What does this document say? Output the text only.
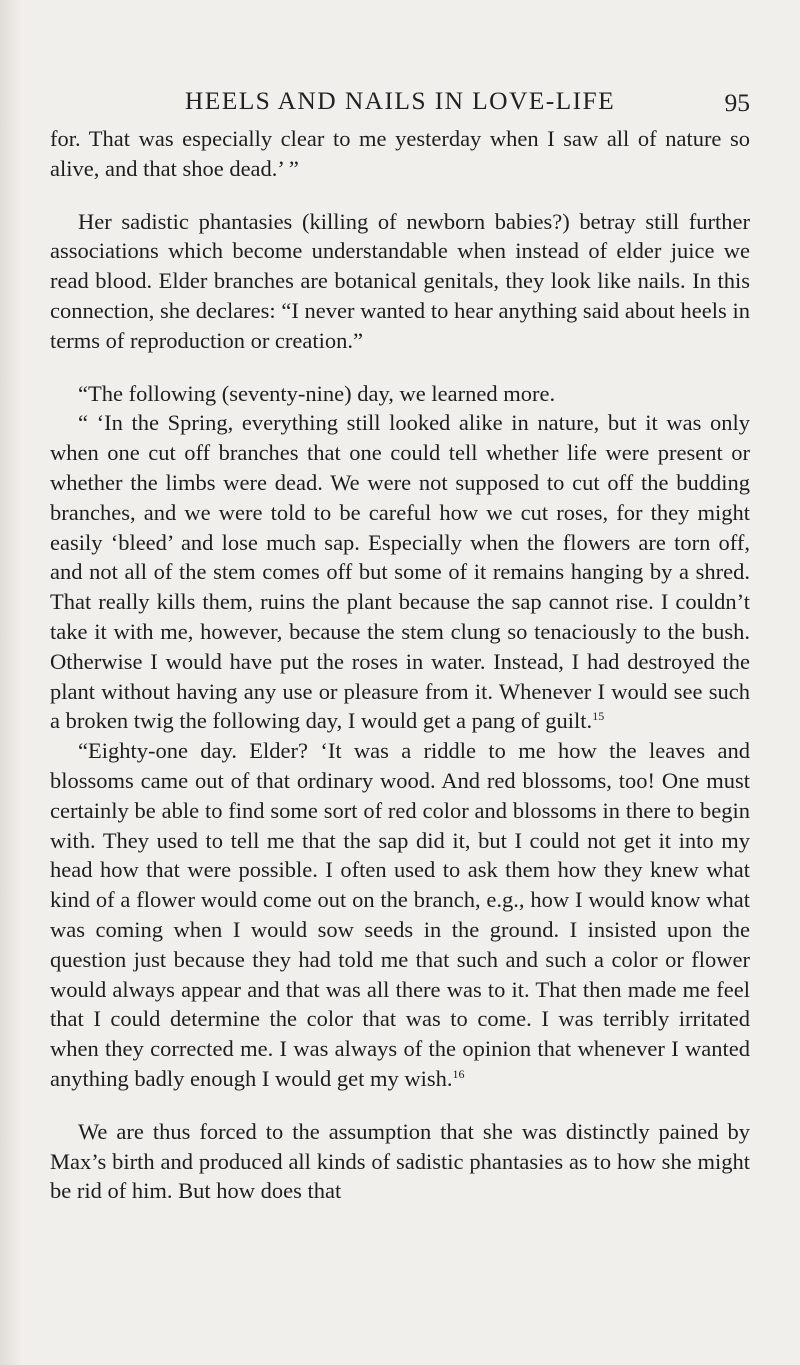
HEELS AND NAILS IN LOVE-LIFE	95

for. That was especially clear to me yesterday when I saw all of nature so alive, and that shoe dead.’ ”

Her sadistic phantasies (killing of newborn babies?) betray still further associations which become understandable when instead of elder juice we read blood. Elder branches are botanical genitals, they look like nails. In this connection, she declares: “I never wanted to hear anything said about heels in terms of reproduction or creation.”

“The following (seventy-nine) day, we learned more.

“ ‘In the Spring, everything still looked alike in nature, but it was only when one cut off branches that one could tell whether life were present or whether the limbs were dead. We were not supposed to cut off the budding branches, and we were told to be careful how we cut roses, for they might easily ‘bleed’ and lose much sap. Especially when the flowers are torn off, and not all of the stem comes off but some of it remains hanging by a shred. That really kills them, ruins the plant because the sap cannot rise. I couldn’t take it with me, however, because the stem clung so tenaciously to the bush. Otherwise I would have put the roses in water. Instead, I had destroyed the plant without having any use or pleasure from it. Whenever I would see such a broken twig the following day, I would get a pang of guilt.$^{15}$

“Eighty-one day. Elder? ‘It was a riddle to me how the leaves and blossoms came out of that ordinary wood. And red blossoms, too! One must certainly be able to find some sort of red color and blossoms in there to begin with. They used to tell me that the sap did it, but I could not get it into my head how that were possible. I often used to ask them how they knew what kind of a flower would come out on the branch, e.g., how I would know what was coming when I would sow seeds in the ground. I insisted upon the question just because they had told me that such and such a color or flower would always appear and that was all there was to it. That then made me feel that I could determine the color that was to come. I was terribly irritated when they corrected me. I was always of the opinion that whenever I wanted anything badly enough I would get my wish.$^{16}$

We are thus forced to the assumption that she was distinctly pained by Max’s birth and produced all kinds of sadistic phantasies as to how she might be rid of him. But how does that
